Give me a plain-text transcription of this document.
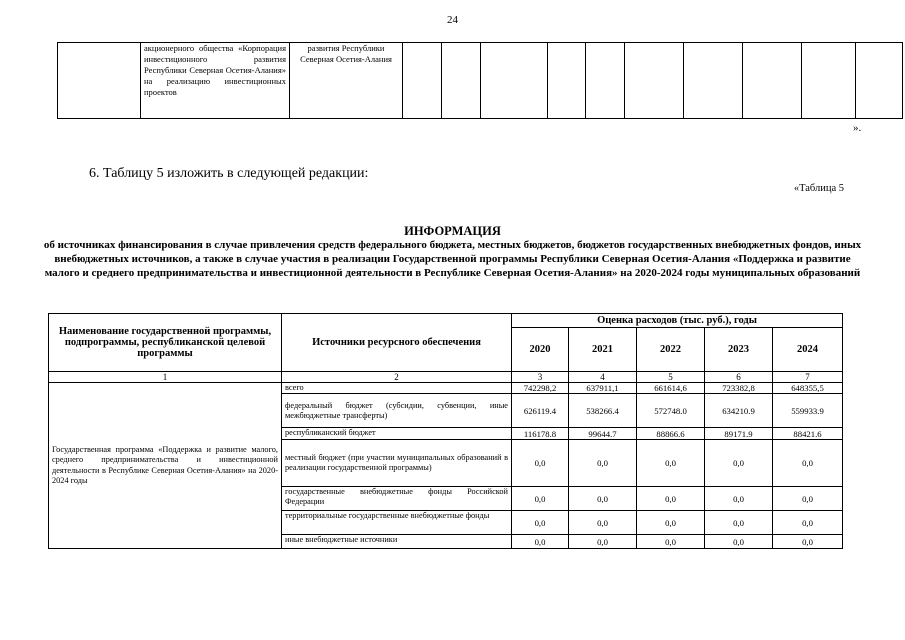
24
	акционерного общества «Корпорация инвестиционного развития Республики Северная Осетия-Алания» на реализацию инвестиционных проектов	развития Республики Северная Осетия-Алания										
».
6. Таблицу 5 изложить в следующей редакции:
«Таблица 5
ИНФОРМАЦИЯ
об источниках финансирования в случае привлечения средств федерального бюджета, местных бюджетов, бюджетов государственных внебюджетных фондов, иных внебюджетных источников, а также в случае участия в реализации Государственной программы Республики Северная Осетия-Алания «Поддержка и развитие малого и среднего предпринимательства и инвестиционной деятельности в Республике Северная Осетия-Алания» на 2020-2024 годы муниципальных образований
Наименование государственной программы, подпрограммы, республиканской целевой программы	Источники ресурсного обеспечения	Оценка расходов (тыс. руб.), годы				
		2020	2021	2022	2023	2024
1	2	3	4	5	6	7
Государственная программа «Поддержка и развитие малого, среднего предпринимательства и инвестиционной деятельности в Республике Северная Осетия-Алания» на 2020-2024 годы	всего	742298,2	637911,1	661614,6	723382,8	648355,5
	федеральный бюджет (субсидии, субвенции, иные межбюджетные трансферты)	626119.4	538266.4	572748.0	634210.9	559933.9
	республиканский бюджет	116178.8	99644.7	88866.6	89171.9	88421.6
	местный бюджет (при участии муниципальных образований в реализации государственной программы)	0,0	0,0	0,0	0,0	0,0
	государственные внебюджетные фонды Российской Федерации	0,0	0,0	0,0	0,0	0,0
	территориальные государственные внебюджетные фонды	0,0	0,0	0,0	0,0	0,0
	иные внебюджетные источники	0,0	0,0	0,0	0,0	0,0
